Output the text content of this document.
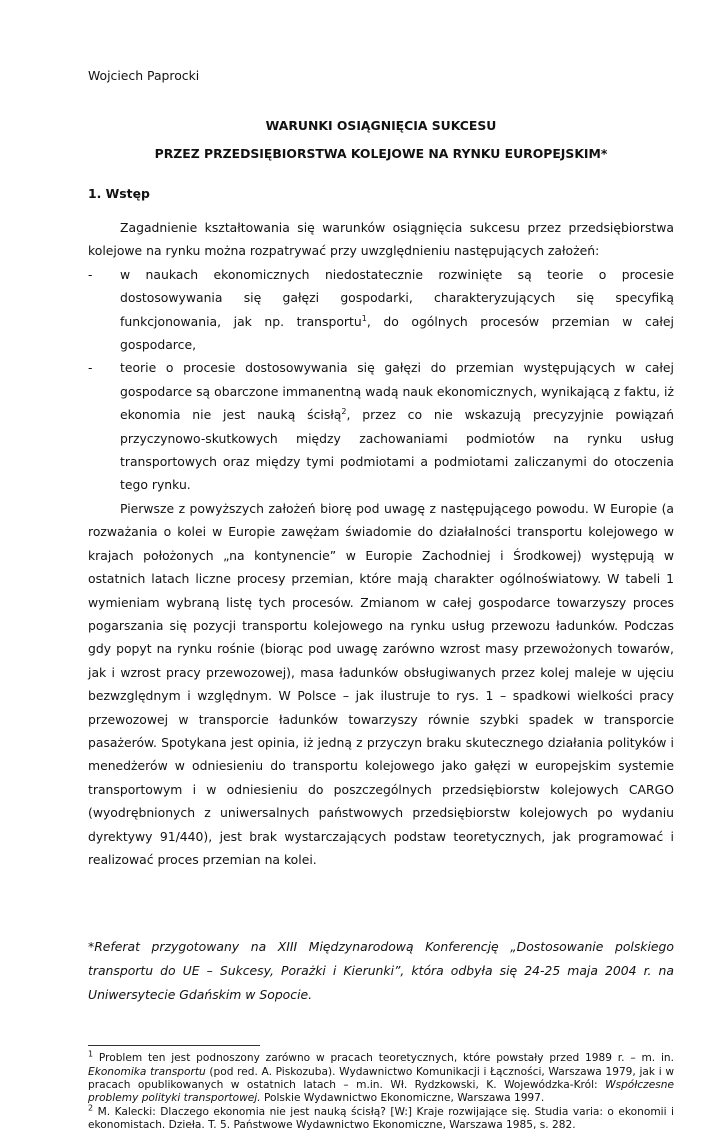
Wojciech Paprocki
WARUNKI OSIĄGNIĘCIA SUKCESU
PRZEZ PRZEDSIĘBIORSTWA KOLEJOWE NA RYNKU EUROPEJSKIM*
1. Wstęp

Zagadnienie kształtowania się warunków osiągnięcia sukcesu przez przedsiębiorstwa kolejowe na rynku można rozpatrywać przy uwzględnieniu następujących założeń:

- w naukach ekonomicznych niedostatecznie rozwinięte są teorie o procesie dostosowywania się gałęzi gospodarki, charakteryzujących się specyfiką funkcjonowania, jak np. transportu$^1$, do ogólnych procesów przemian w całej gospodarce,
- teorie o procesie dostosowywania się gałęzi do przemian występujących w całej gospodarce są obarczone immanentną wadą nauk ekonomicznych, wynikającą z faktu, iż ekonomia nie jest nauką ścisłą$^2$, przez co nie wskazują precyzyjnie powiązań przyczynowo-skutkowych między zachowaniami podmiotów na rynku usług transportowych oraz między tymi podmiotami a podmiotami zaliczanymi do otoczenia tego rynku.

Pierwsze z powyższych założeń biorę pod uwagę z następującego powodu. W Europie (a rozważania o kolei w Europie zawężam świadomie do działalności transportu kolejowego w krajach położonych „na kontynencie” w Europie Zachodniej i Środkowej) występują w ostatnich latach liczne procesy przemian, które mają charakter ogólnoświatowy. W tabeli 1 wymieniam wybraną listę tych procesów. Zmianom w całej gospodarce towarzyszy proces pogarszania się pozycji transportu kolejowego na rynku usług przewozu ładunków. Podczas gdy popyt na rynku rośnie (biorąc pod uwagę zarówno wzrost masy przewożonych towarów, jak i wzrost pracy przewozowej), masa ładunków obsługiwanych przez kolej maleje w ujęciu bezwzględnym i względnym. W Polsce – jak ilustruje to rys. 1 – spadkowi wielkości pracy przewozowej w transporcie ładunków towarzyszy równie szybki spadek w transporcie pasażerów. Spotykana jest opinia, iż jedną z przyczyn braku skutecznego działania polityków i menedżerów w odniesieniu do transportu kolejowego jako gałęzi w europejskim systemie transportowym i w odniesieniu do poszczególnych przedsiębiorstw kolejowych CARGO (wyodrębnionych z uniwersalnych państwowych przedsiębiorstw kolejowych po wydaniu dyrektywy 91/440), jest brak wystarczających podstaw teoretycznych, jak programować i realizować proces przemian na kolei.

*Referat przygotowany na XIII Międzynarodową Konferencję „Dostosowanie polskiego transportu do UE – Sukcesy, Porażki i Kierunki”, która odbyła się 24-25 maja 2004 r. na Uniwersytecie Gdańskim w Sopocie.

$^1$ Problem ten jest podnoszony zarówno w pracach teoretycznych, które powstały przed 1989 r. – m. in. Ekonomika transportu (pod red. A. Piskozuba). Wydawnictwo Komunikacji i Łączności, Warszawa 1979, jak i w pracach opublikowanych w ostatnich latach – m.in. Wł. Rydzkowski, K. Wojewódzka-Król: Współczesne problemy polityki transportowej. Polskie Wydawnictwo Ekonomiczne, Warszawa 1997.

$^2$ M. Kalecki: Dlaczego ekonomia nie jest nauką ścisłą? [W:] Kraje rozwijające się. Studia varia: o ekonomii i ekonomistach. Dzieła. T. 5. Państwowe Wydawnictwo Ekonomiczne, Warszawa 1985, s. 282.
